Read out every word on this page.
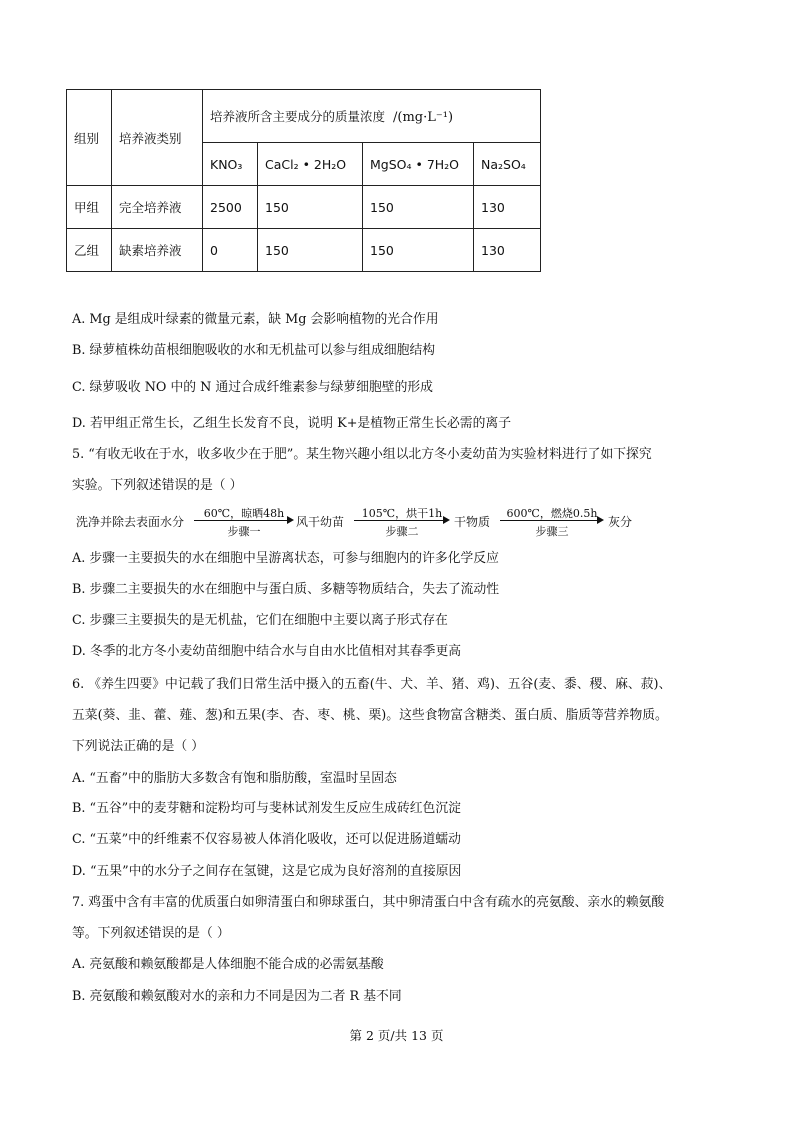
组别	培养液类别	培养液所含主要成分的质量浓度 /(mg·L⁻¹)			
		KNO₃	CaCl₂ • 2H₂O	MgSO₄ • 7H₂O	Na₂SO₄
甲组	完全培养液	2500	150	150	130
乙组	缺素培养液	0	150	150	130
A. Mg 是组成叶绿素的微量元素，缺 Mg 会影响植物的光合作用
B. 绿萝植株幼苗根细胞吸收的水和无机盐可以参与组成细胞结构
C. 绿萝吸收 NO 中的 N 通过合成纤维素参与绿萝细胞壁的形成
D. 若甲组正常生长，乙组生长发育不良，说明 K+是植物正常生长必需的离子
5. “有收无收在于水，收多收少在于肥”。某生物兴趣小组以北方冬小麦幼苗为实验材料进行了如下探究
实验。下列叙述错误的是（ ）
洗净并除去表面水分
60℃，晾晒48h
步骤一
风干幼苗
105℃，烘干1h
步骤二
干物质
600℃，燃烧0.5h
步骤三
灰分
A. 步骤一主要损失的水在细胞中呈游离状态，可参与细胞内的许多化学反应
B. 步骤二主要损失的水在细胞中与蛋白质、多糖等物质结合，失去了流动性
C. 步骤三主要损失的是无机盐，它们在细胞中主要以离子形式存在
D. 冬季的北方冬小麦幼苗细胞中结合水与自由水比值相对其春季更高
6. 《养生四要》中记载了我们日常生活中摄入的五畜(牛、犬、羊、猪、鸡)、五谷(麦、黍、稷、麻、菽)、
五菜(葵、韭、藿、薤、葱)和五果(李、杏、枣、桃、栗)。这些食物富含糖类、蛋白质、脂质等营养物质。
下列说法正确的是（ ）
A. “五畜”中的脂肪大多数含有饱和脂肪酸，室温时呈固态
B. “五谷”中的麦芽糖和淀粉均可与斐林试剂发生反应生成砖红色沉淀
C. “五菜”中的纤维素不仅容易被人体消化吸收，还可以促进肠道蠕动
D. “五果”中的水分子之间存在氢键，这是它成为良好溶剂的直接原因
7. 鸡蛋中含有丰富的优质蛋白如卵清蛋白和卵球蛋白，其中卵清蛋白中含有疏水的亮氨酸、亲水的赖氨酸
等。下列叙述错误的是（ ）
A. 亮氨酸和赖氨酸都是人体细胞不能合成的必需氨基酸
B. 亮氨酸和赖氨酸对水的亲和力不同是因为二者 R 基不同
第 2 页/共 13 页
